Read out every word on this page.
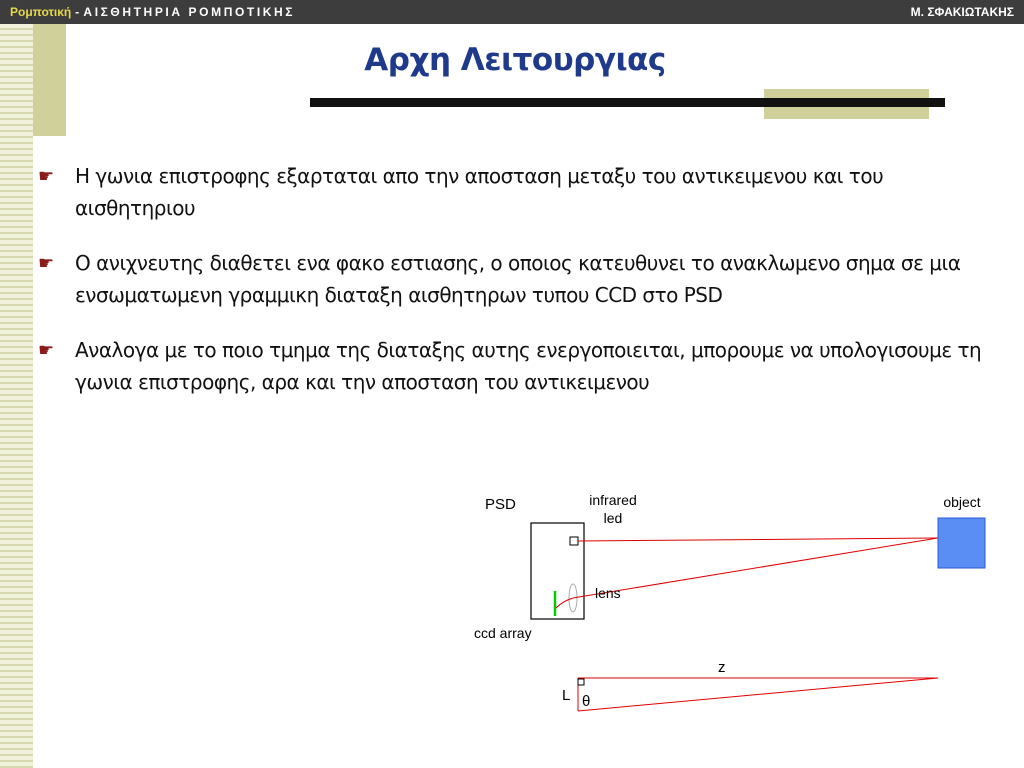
Ρομποτική - ΑΙΣΘΗΤΗΡΙΑ ΡΟΜΠΟΤΙΚΗΣ	Μ. ΣΦΑΚΙΩΤΑΚΗΣ
Αρχη Λειτουργιας
☛ Η γωνια επιστροφης εξαρταται απο την αποσταση μεταξυ του αντικειμενου και του αισθητηριου
☛ Ο ανιχνευτης διαθετει ενα φακο εστιασης, ο οποιος κατευθυνει το ανακλωμενο σημα σε μια ενσωματωμενη γραμμικη διαταξη αισθητηρων τυπου CCD στο PSD
☛ Αναλογα με το ποιο τμημα της διαταξης αυτης ενεργοποιειται, μπορουμε να υπολογισουμε τη γωνια επιστροφης, αρα και την αποσταση του αντικειμενου
PSD	infrared
led
object
lens
ccd array
z
L θ
